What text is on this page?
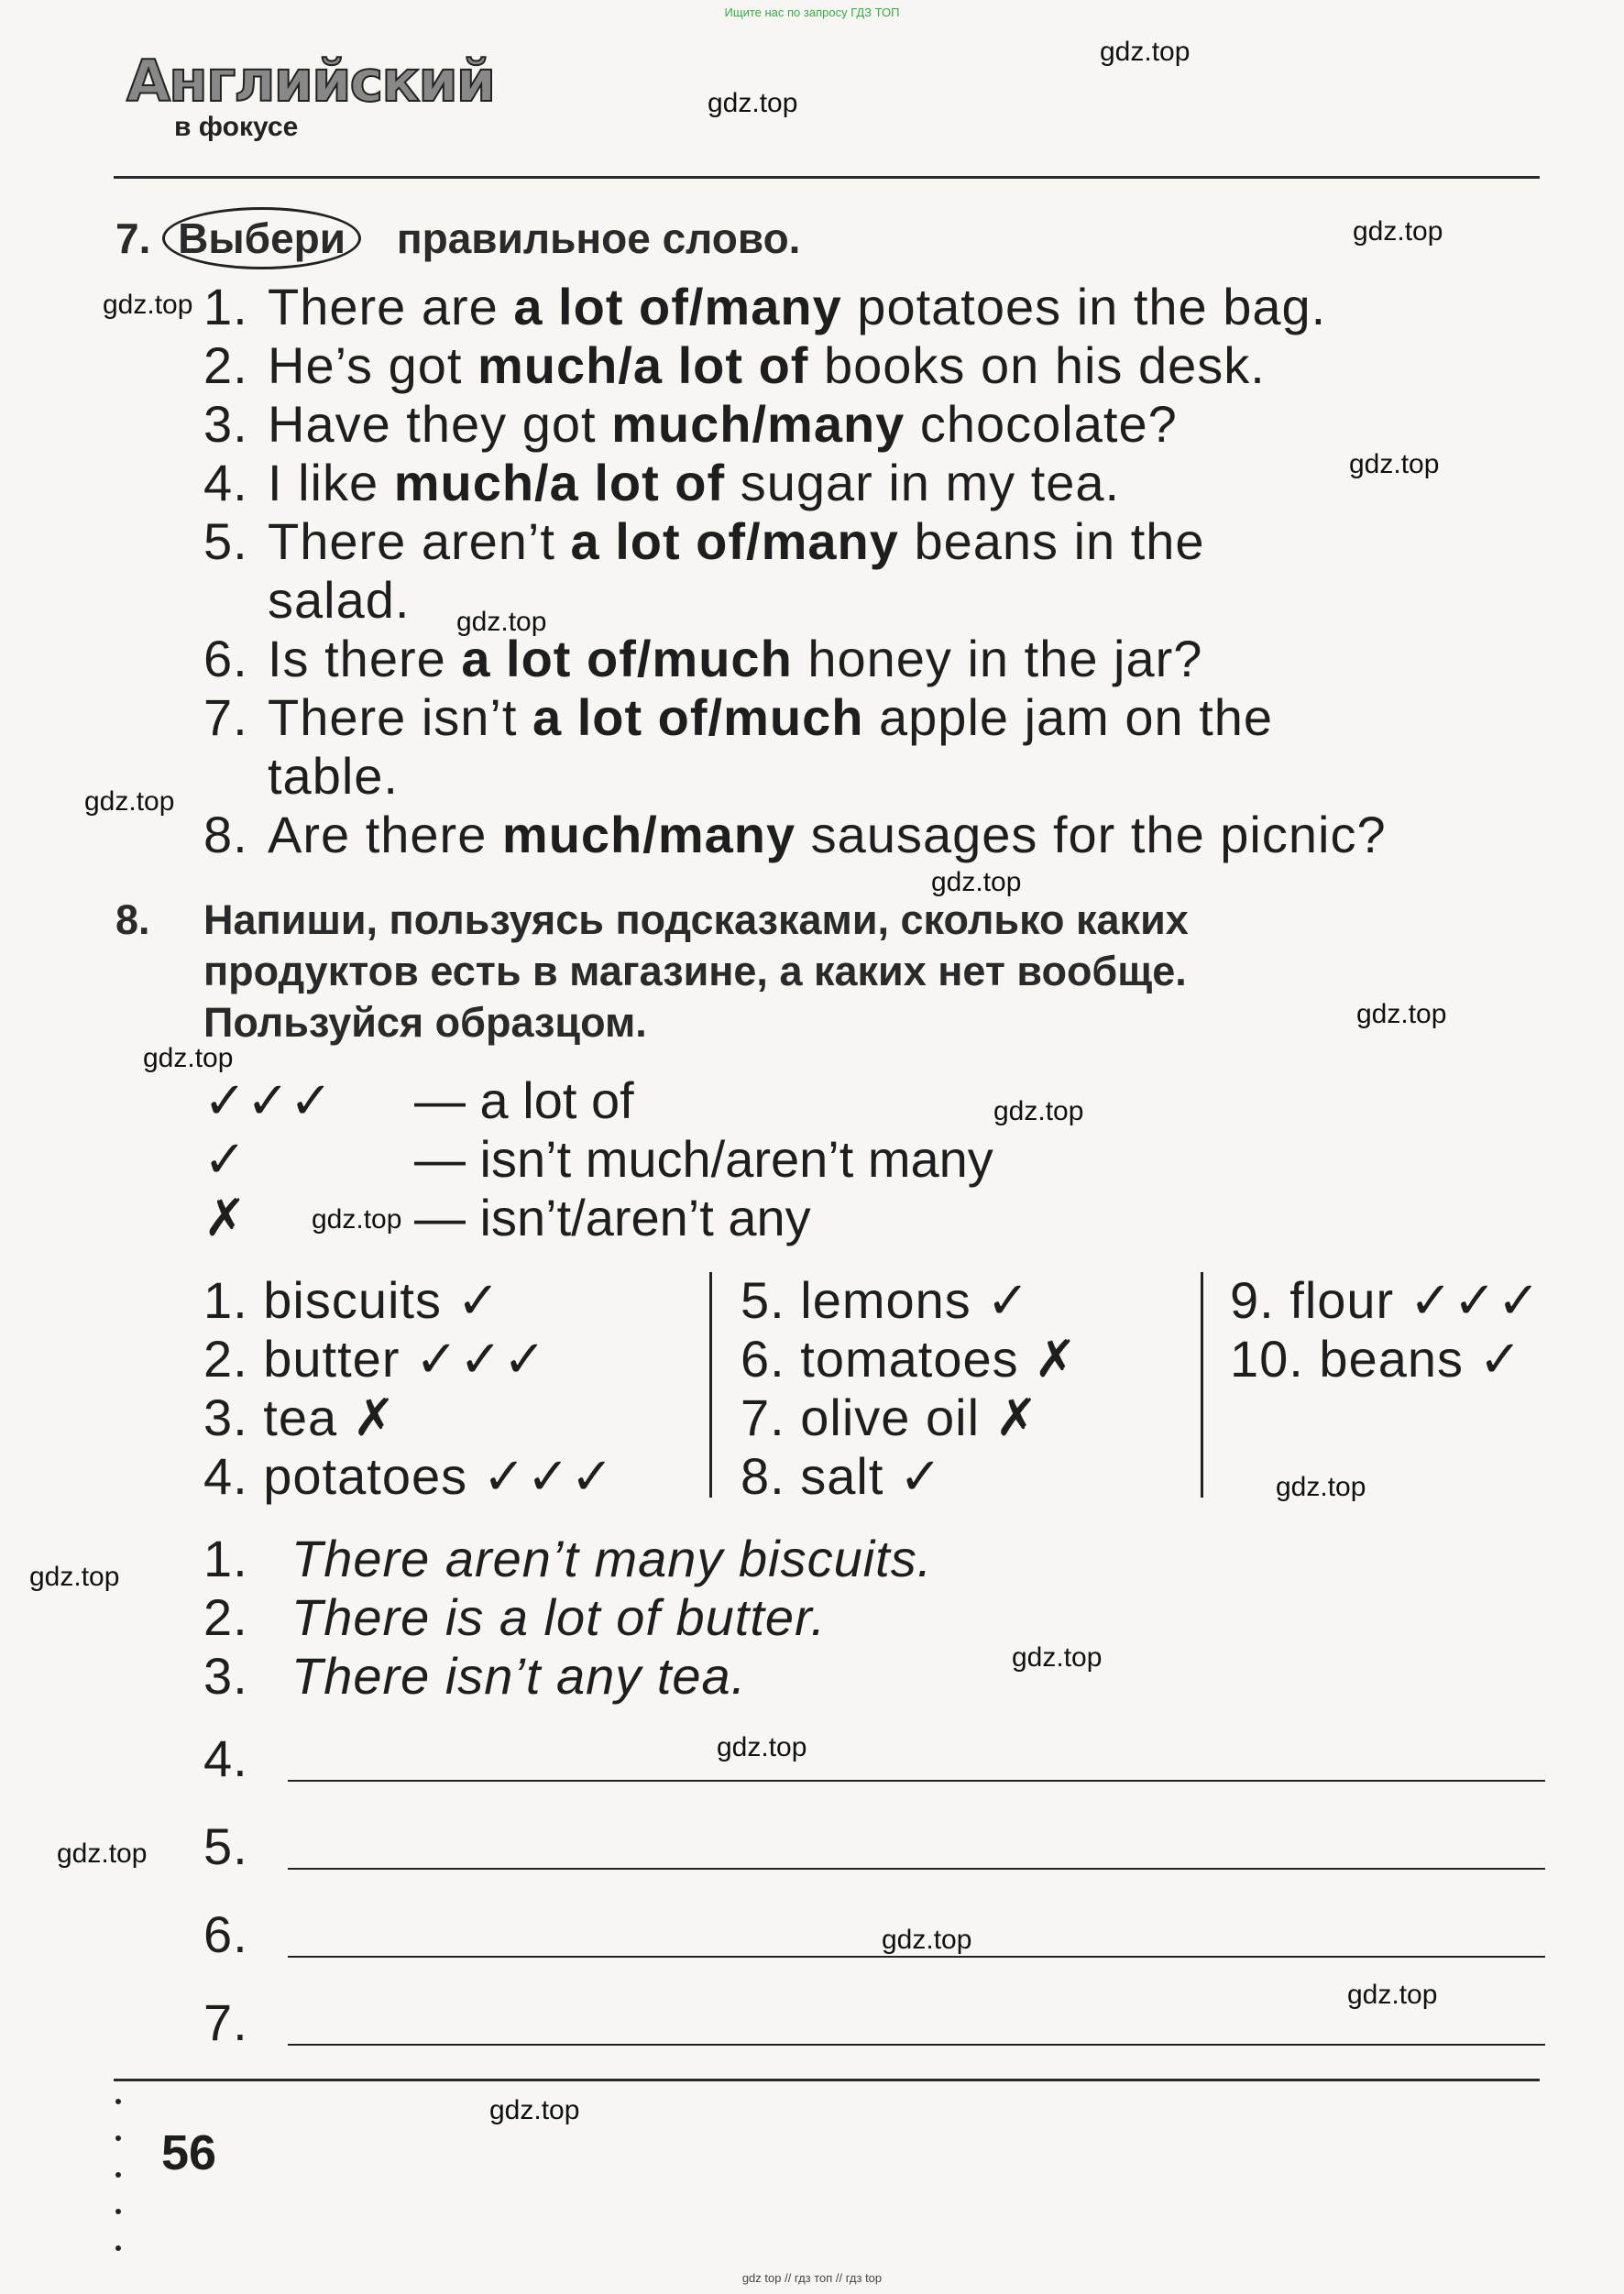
Ищите нас по запросу ГДЗ ТОП
Английский
в фокусе
gdz.top
gdz.top
gdz.top
gdz.top
gdz.top
gdz.top
gdz.top
gdz.top
gdz.top
gdz.top
gdz.top
gdz.top
gdz.top
gdz.top
gdz.top
gdz.top
gdz.top
gdz.top
gdz.top
gdz.top
7. Выбери правильное слово.
1. There are a lot of/many potatoes in the bag.
2. He’s got much/a lot of books on his desk.
3. Have they got much/many chocolate?
4. I like much/a lot of sugar in my tea.
5. There aren’t a lot of/many beans in the
salad.
6. Is there a lot of/much honey in the jar?
7. There isn’t a lot of/much apple jam on the
table.
8. Are there much/many sausages for the picnic?
8. Напиши, пользуясь подсказками, сколько каких
продуктов есть в магазине, а каких нет вообще.
Пользуйся образцом.
✓✓✓ — a lot of
✓	— isn’t much/aren’t many
✗	— isn’t/aren’t any
1. biscuits ✓
2. butter ✓✓✓
3. tea ✗
4. potatoes ✓✓✓
5. lemons ✓
6. tomatoes ✗
7. olive oil ✗
8. salt ✓
9. flour ✓✓✓
10. beans ✓
1. There aren’t many biscuits.
2. There is a lot of butter.
3. There isn’t any tea.
4.
5.
6.
7.
56
gdz top // гдз топ // гдз top
